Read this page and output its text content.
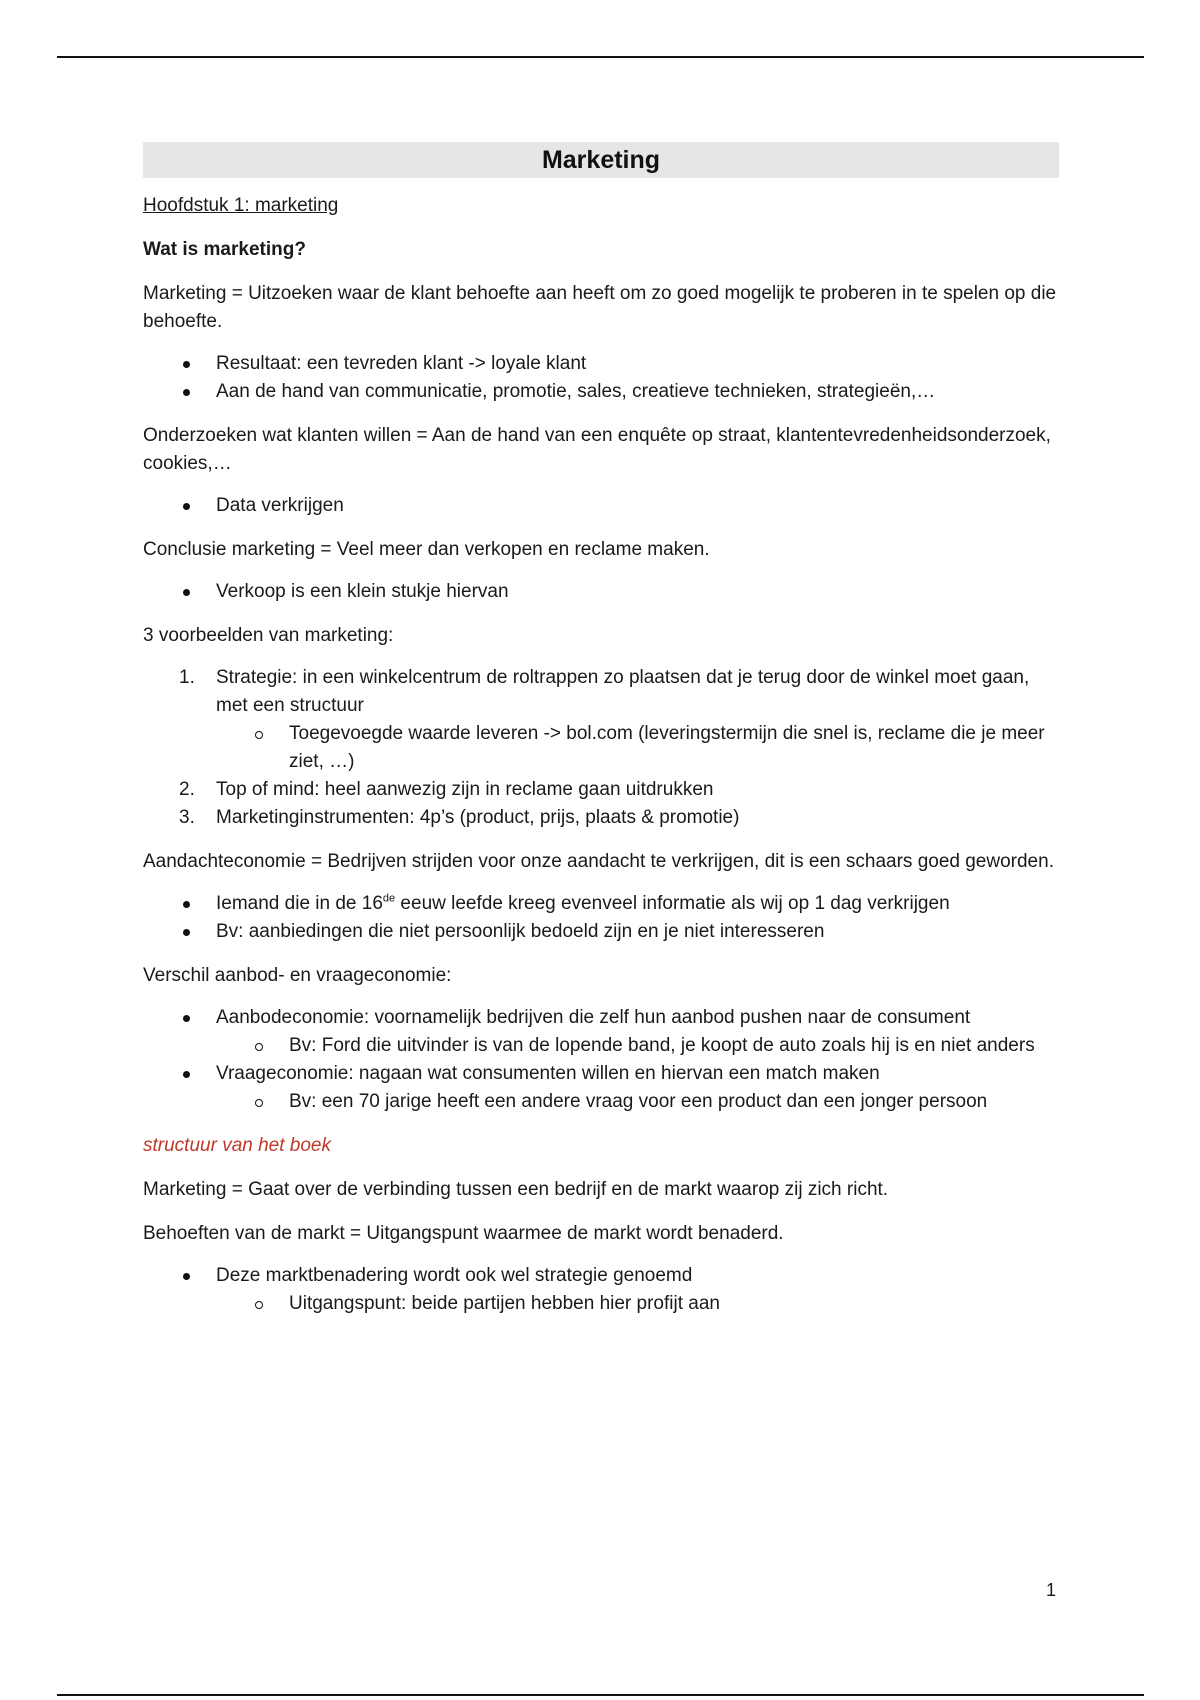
Marketing
Hoofdstuk 1: marketing
Wat is marketing?

Marketing = Uitzoeken waar de klant behoefte aan heeft om zo goed mogelijk te proberen in te spelen op die behoefte.

Resultaat: een tevreden klant -> loyale klant
Aan de hand van communicatie, promotie, sales, creatieve technieken, strategieën,…

Onderzoeken wat klanten willen = Aan de hand van een enquête op straat, klantentevredenheidsonderzoek, cookies,…

Data verkrijgen

Conclusie marketing = Veel meer dan verkopen en reclame maken.

Verkoop is een klein stukje hiervan

3 voorbeelden van marketing:

1. Strategie: in een winkelcentrum de roltrappen zo plaatsen dat je terug door de winkel moet gaan, met een structuur
Toegevoegde waarde leveren -> bol.com (leveringstermijn die snel is, reclame die je meer ziet, …)
2. Top of mind: heel aanwezig zijn in reclame gaan uitdrukken
3. Marketinginstrumenten: 4p’s (product, prijs, plaats & promotie)

Aandachteconomie = Bedrijven strijden voor onze aandacht te verkrijgen, dit is een schaars goed geworden.

Iemand die in de 16de eeuw leefde kreeg evenveel informatie als wij op 1 dag verkrijgen
Bv: aanbiedingen die niet persoonlijk bedoeld zijn en je niet interesseren

Verschil aanbod- en vraageconomie:

Aanbodeconomie: voornamelijk bedrijven die zelf hun aanbod pushen naar de consument
Bv: Ford die uitvinder is van de lopende band, je koopt de auto zoals hij is en niet anders
Vraageconomie: nagaan wat consumenten willen en hiervan een match maken
Bv: een 70 jarige heeft een andere vraag voor een product dan een jonger persoon

structuur van het boek

Marketing = Gaat over de verbinding tussen een bedrijf en de markt waarop zij zich richt.

Behoeften van de markt = Uitgangspunt waarmee de markt wordt benaderd.

Deze marktbenadering wordt ook wel strategie genoemd
Uitgangspunt: beide partijen hebben hier profijt aan
1
